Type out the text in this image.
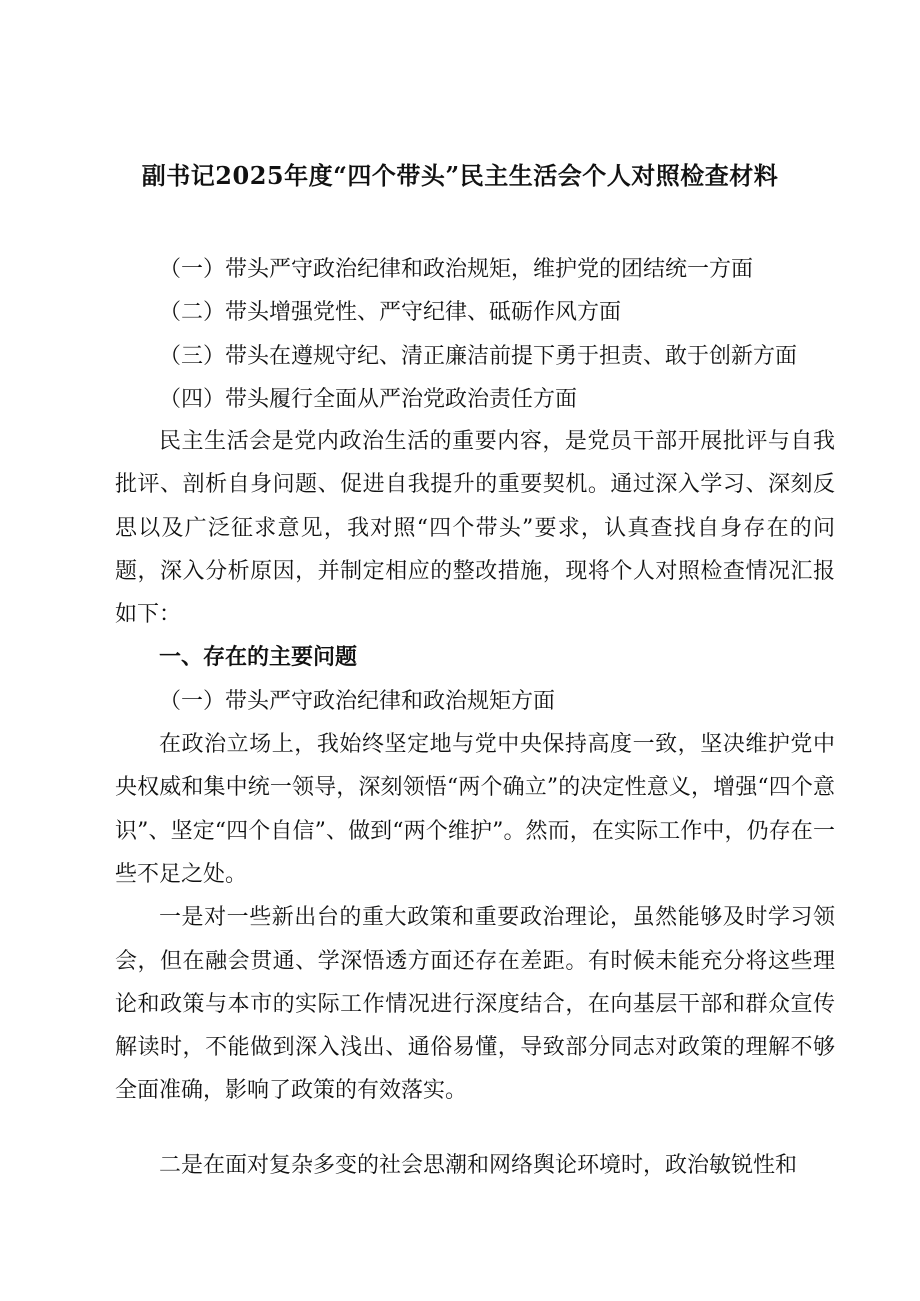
副书记2025年度“四个带头”民主生活会个人对照检查材料

（一）带头严守政治纪律和政治规矩，维护党的团结统一方面

（二）带头增强党性、严守纪律、砥砺作风方面

（三）带头在遵规守纪、清正廉洁前提下勇于担责、敢于创新方面

（四）带头履行全面从严治党政治责任方面

民主生活会是党内政治生活的重要内容，是党员干部开展批评与自我批评、剖析自身问题、促进自我提升的重要契机。通过深入学习、深刻反思以及广泛征求意见，我对照“四个带头”要求，认真查找自身存在的问题，深入分析原因，并制定相应的整改措施，现将个人对照检查情况汇报如下：

一、存在的主要问题

（一）带头严守政治纪律和政治规矩方面

在政治立场上，我始终坚定地与党中央保持高度一致，坚决维护党中央权威和集中统一领导，深刻领悟“两个确立”的决定性意义，增强“四个意识”、坚定“四个自信”、做到“两个维护”。然而，在实际工作中，仍存在一些不足之处。

一是对一些新出台的重大政策和重要政治理论，虽然能够及时学习领会，但在融会贯通、学深悟透方面还存在差距。有时候未能充分将这些理论和政策与本市的实际工作情况进行深度结合，在向基层干部和群众宣传解读时，不能做到深入浅出、通俗易懂，导致部分同志对政策的理解不够全面准确，影响了政策的有效落实。

二是在面对复杂多变的社会思潮和网络舆论环境时，政治敏锐性和
